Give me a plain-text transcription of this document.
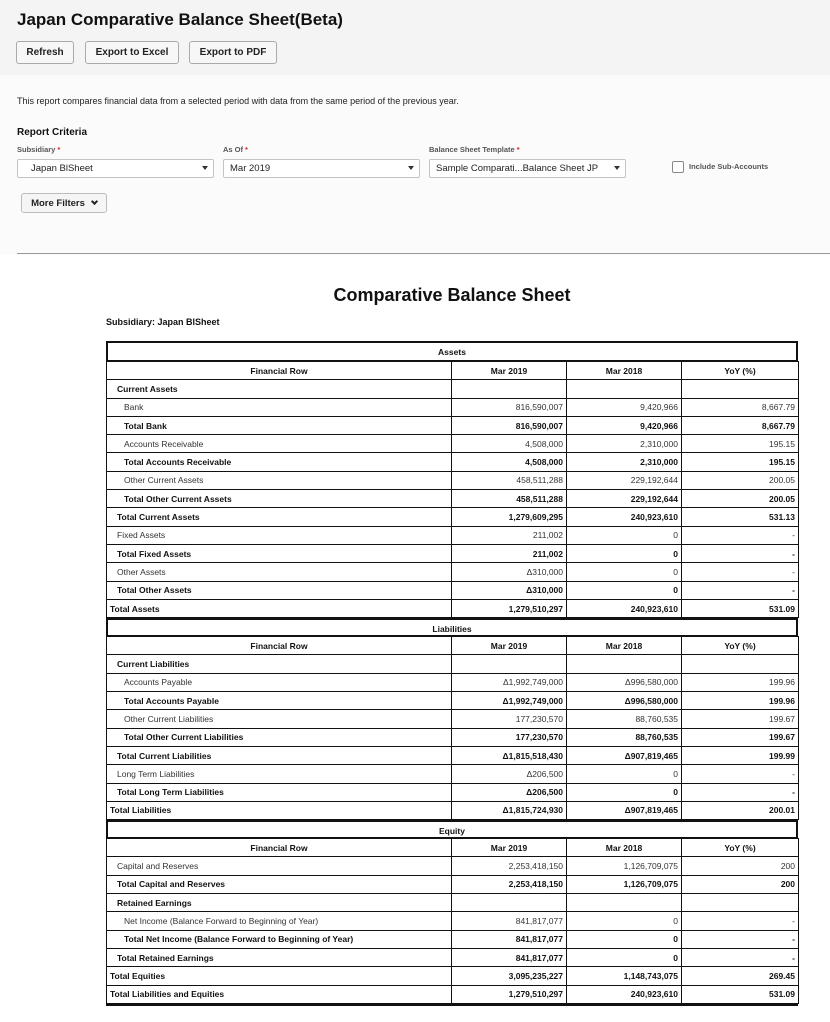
Japan Comparative Balance Sheet(Beta)
Refresh	Export to Excel	Export to PDF
This report compares financial data from a selected period with data from the same period of the previous year.
Report Criteria
Subsidiary *	As Of *	Balance Sheet Template *
Japan BlSheet	Mar 2019	Sample Comparati...Balance Sheet JP	Include Sub-Accounts
More Filters
Comparative Balance Sheet
Subsidiary: Japan BlSheet
Assets
Financial Row	Mar 2019	Mar 2018	YoY (%)
Current Assets			
Bank	816,590,007	9,420,966	8,667.79
Total Bank	816,590,007	9,420,966	8,667.79
Accounts Receivable	4,508,000	2,310,000	195.15
Total Accounts Receivable	4,508,000	2,310,000	195.15
Other Current Assets	458,511,288	229,192,644	200.05
Total Other Current Assets	458,511,288	229,192,644	200.05
Total Current Assets	1,279,609,295	240,923,610	531.13
Fixed Assets	211,002	0	-
Total Fixed Assets	211,002	0	-
Other Assets	Δ310,000	0	-
Total Other Assets	Δ310,000	0	-
Total Assets	1,279,510,297	240,923,610	531.09
Liabilities
Financial Row	Mar 2019	Mar 2018	YoY (%)
Current Liabilities			
Accounts Payable	Δ1,992,749,000	Δ996,580,000	199.96
Total Accounts Payable	Δ1,992,749,000	Δ996,580,000	199.96
Other Current Liabilities	177,230,570	88,760,535	199.67
Total Other Current Liabilities	177,230,570	88,760,535	199.67
Total Current Liabilities	Δ1,815,518,430	Δ907,819,465	199.99
Long Term Liabilities	Δ206,500	0	-
Total Long Term Liabilities	Δ206,500	0	-
Total Liabilities	Δ1,815,724,930	Δ907,819,465	200.01
Equity
Financial Row	Mar 2019	Mar 2018	YoY (%)
Capital and Reserves	2,253,418,150	1,126,709,075	200
Total Capital and Reserves	2,253,418,150	1,126,709,075	200
Retained Earnings			
Net Income (Balance Forward to Beginning of Year)	841,817,077	0	-
Total Net Income (Balance Forward to Beginning of Year)	841,817,077	0	-
Total Retained Earnings	841,817,077	0	-
Total Equities	3,095,235,227	1,148,743,075	269.45
Total Liabilities and Equities	1,279,510,297	240,923,610	531.09
